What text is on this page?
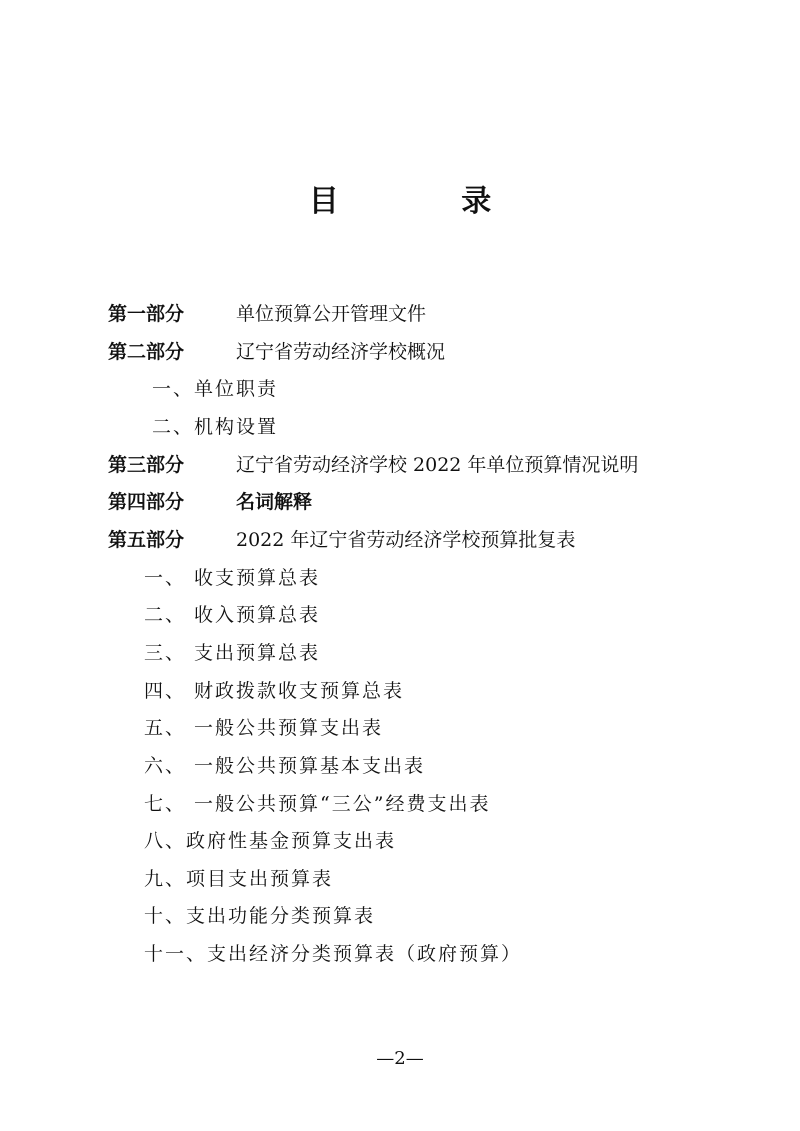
目 录
第一部分	单位预算公开管理文件
第二部分	辽宁省劳动经济学校概况
一、单位职责
二、机构设置
第三部分	辽宁省劳动经济学校 2022 年单位预算情况说明
第四部分	名词解释
第五部分	2022 年辽宁省劳动经济学校预算批复表
一、 收支预算总表
二、 收入预算总表
三、 支出预算总表
四、 财政拨款收支预算总表
五、 一般公共预算支出表
六、 一般公共预算基本支出表
七、 一般公共预算“三公”经费支出表
八、政府性基金预算支出表
九、项目支出预算表
十、支出功能分类预算表
十一、支出经济分类预算表（政府预算）
—2—
